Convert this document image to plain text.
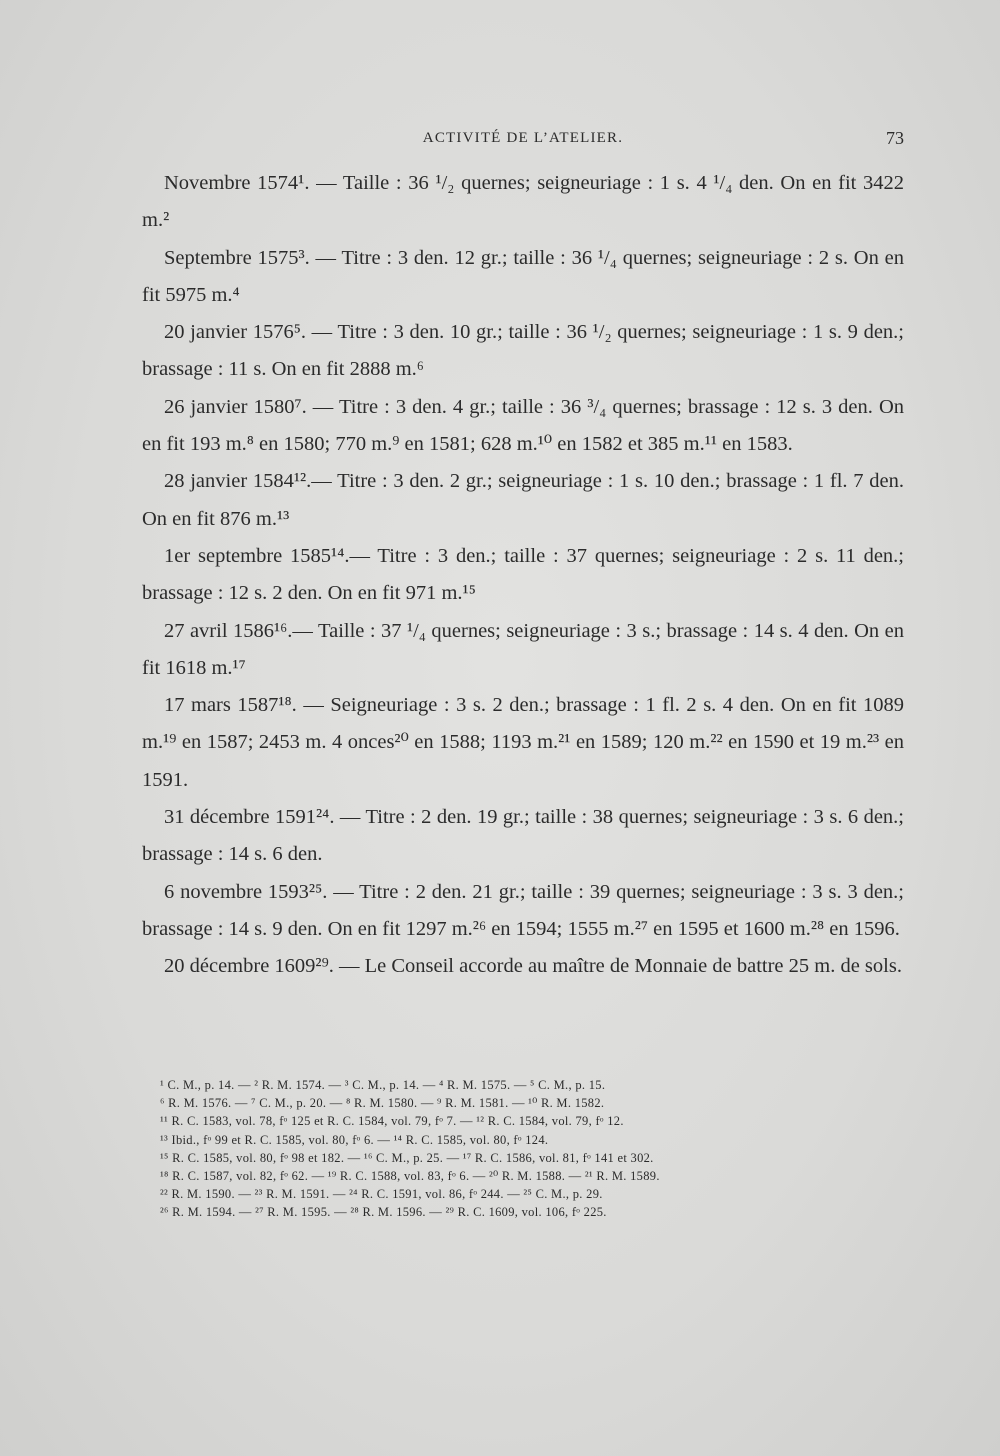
ACTIVITÉ DE L’ATELIER.	73

Novembre 1574¹. — Taille : 36 ¹/₂ quernes; seigneuriage : 1 s. 4 ¹/₄ den. On en fit 3422 m.²

Septembre 1575³. — Titre : 3 den. 12 gr.; taille : 36 ¹/₄ quernes; seigneuriage : 2 s. On en fit 5975 m.⁴

20 janvier 1576⁵. — Titre : 3 den. 10 gr.; taille : 36 ¹/₂ quernes; seigneuriage : 1 s. 9 den.; brassage : 11 s. On en fit 2888 m.⁶

26 janvier 1580⁷. — Titre : 3 den. 4 gr.; taille : 36 ³/₄ quernes; brassage : 12 s. 3 den. On en fit 193 m.⁸ en 1580; 770 m.⁹ en 1581; 628 m.¹⁰ en 1582 et 385 m.¹¹ en 1583.

28 janvier 1584¹².— Titre : 3 den. 2 gr.; seigneuriage : 1 s. 10 den.; brassage : 1 fl. 7 den. On en fit 876 m.¹³

1er septembre 1585¹⁴.— Titre : 3 den.; taille : 37 quernes; seigneuriage : 2 s. 11 den.; brassage : 12 s. 2 den. On en fit 971 m.¹⁵

27 avril 1586¹⁶.— Taille : 37 ¹/₄ quernes; seigneuriage : 3 s.; brassage : 14 s. 4 den. On en fit 1618 m.¹⁷

17 mars 1587¹⁸. — Seigneuriage : 3 s. 2 den.; brassage : 1 fl. 2 s. 4 den. On en fit 1089 m.¹⁹ en 1587; 2453 m. 4 onces²⁰ en 1588; 1193 m.²¹ en 1589; 120 m.²² en 1590 et 19 m.²³ en 1591.

31 décembre 1591²⁴. — Titre : 2 den. 19 gr.; taille : 38 quernes; seigneuriage : 3 s. 6 den.; brassage : 14 s. 6 den.

6 novembre 1593²⁵. — Titre : 2 den. 21 gr.; taille : 39 quernes; seigneuriage : 3 s. 3 den.; brassage : 14 s. 9 den. On en fit 1297 m.²⁶ en 1594; 1555 m.²⁷ en 1595 et 1600 m.²⁸ en 1596.

20 décembre 1609²⁹. — Le Conseil accorde au maître de Monnaie de battre 25 m. de sols.

¹ C. M., p. 14. — ² R. M. 1574. — ³ C. M., p. 14. — ⁴ R. M. 1575. — ⁵ C. M., p. 15.
⁶ R. M. 1576. — ⁷ C. M., p. 20. — ⁸ R. M. 1580. — ⁹ R. M. 1581. — ¹⁰ R. M. 1582.
¹¹ R. C. 1583, vol. 78, fᵒ 125 et R. C. 1584, vol. 79, fᵒ 7. — ¹² R. C. 1584, vol. 79, fᵒ 12.
¹³ Ibid., fᵒ 99 et R. C. 1585, vol. 80, fᵒ 6. — ¹⁴ R. C. 1585, vol. 80, fᵒ 124.
¹⁵ R. C. 1585, vol. 80, fᵒ 98 et 182. — ¹⁶ C. M., p. 25. — ¹⁷ R. C. 1586, vol. 81, fᵒ 141 et 302.
¹⁸ R. C. 1587, vol. 82, fᵒ 62. — ¹⁹ R. C. 1588, vol. 83, fᵒ 6. — ²⁰ R. M. 1588. — ²¹ R. M. 1589.
²² R. M. 1590. — ²³ R. M. 1591. — ²⁴ R. C. 1591, vol. 86, fᵒ 244. — ²⁵ C. M., p. 29.
²⁶ R. M. 1594. — ²⁷ R. M. 1595. — ²⁸ R. M. 1596. — ²⁹ R. C. 1609, vol. 106, fᵒ 225.
